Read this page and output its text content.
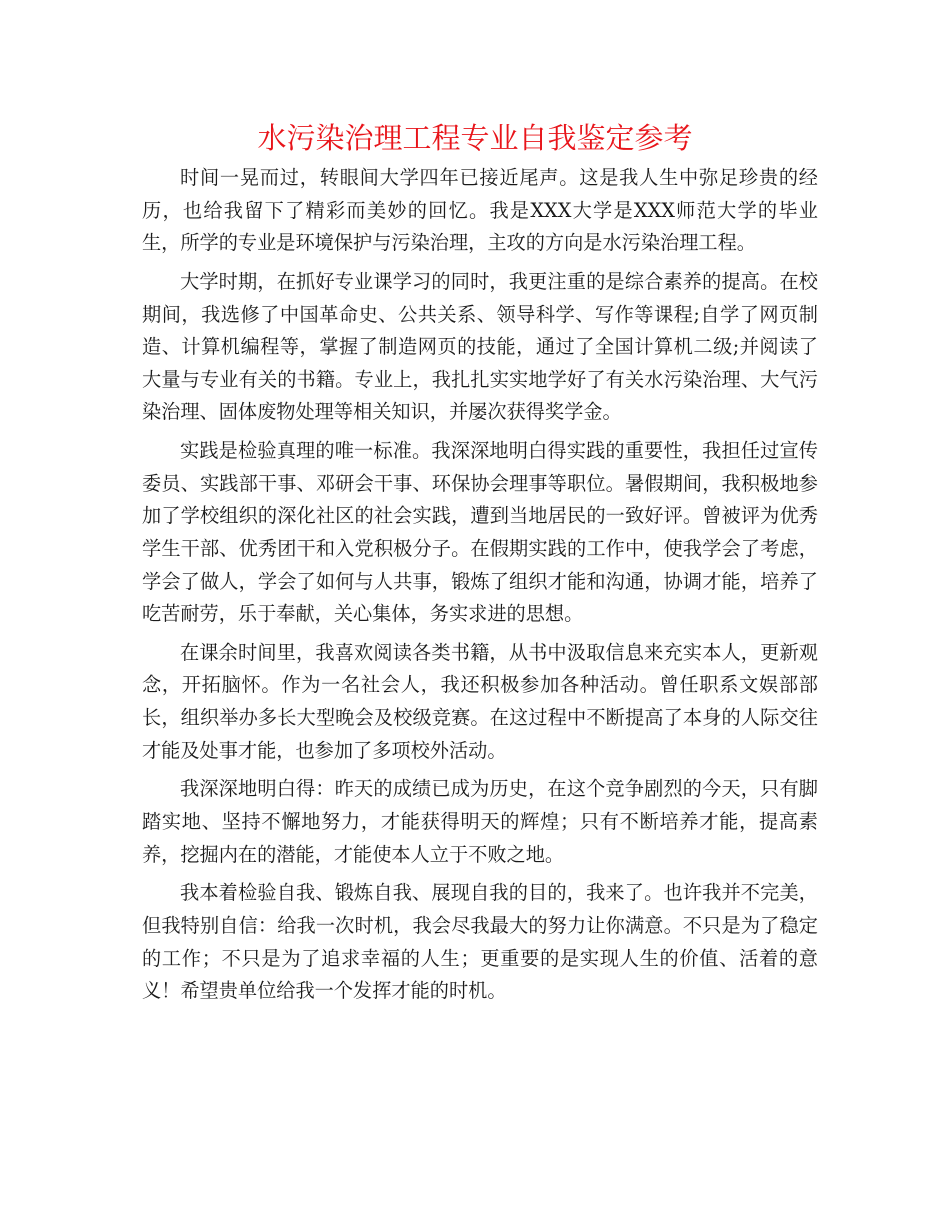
水污染治理工程专业自我鉴定参考

时间一晃而过，转眼间大学四年已接近尾声。这是我人生中弥足珍贵的经历，也给我留下了精彩而美妙的回忆。我是XXX大学是XXX师范大学的毕业生，所学的专业是环境保护与污染治理，主攻的方向是水污染治理工程。

大学时期，在抓好专业课学习的同时，我更注重的是综合素养的提高。在校期间，我选修了中国革命史、公共关系、领导科学、写作等课程;自学了网页制造、计算机编程等，掌握了制造网页的技能，通过了全国计算机二级;并阅读了大量与专业有关的书籍。专业上，我扎扎实实地学好了有关水污染治理、大气污染治理、固体废物处理等相关知识，并屡次获得奖学金。

实践是检验真理的唯一标准。我深深地明白得实践的重要性，我担任过宣传委员、实践部干事、邓研会干事、环保协会理事等职位。暑假期间，我积极地参加了学校组织的深化社区的社会实践，遭到当地居民的一致好评。曾被评为优秀学生干部、优秀团干和入党积极分子。在假期实践的工作中，使我学会了考虑，学会了做人，学会了如何与人共事，锻炼了组织才能和沟通，协调才能，培养了吃苦耐劳，乐于奉献，关心集体，务实求进的思想。

在课余时间里，我喜欢阅读各类书籍，从书中汲取信息来充实本人，更新观念，开拓脑怀。作为一名社会人，我还积极参加各种活动。曾任职系文娱部部长，组织举办多长大型晚会及校级竞赛。在这过程中不断提高了本身的人际交往才能及处事才能，也参加了多项校外活动。

我深深地明白得：昨天的成绩已成为历史，在这个竞争剧烈的今天，只有脚踏实地、坚持不懈地努力，才能获得明天的辉煌；只有不断培养才能，提高素养，挖掘内在的潜能，才能使本人立于不败之地。

我本着检验自我、锻炼自我、展现自我的目的，我来了。也许我并不完美，但我特别自信：给我一次时机，我会尽我最大的努力让你满意。不只是为了稳定的工作；不只是为了追求幸福的人生；更重要的是实现人生的价值、活着的意义！希望贵单位给我一个发挥才能的时机。
